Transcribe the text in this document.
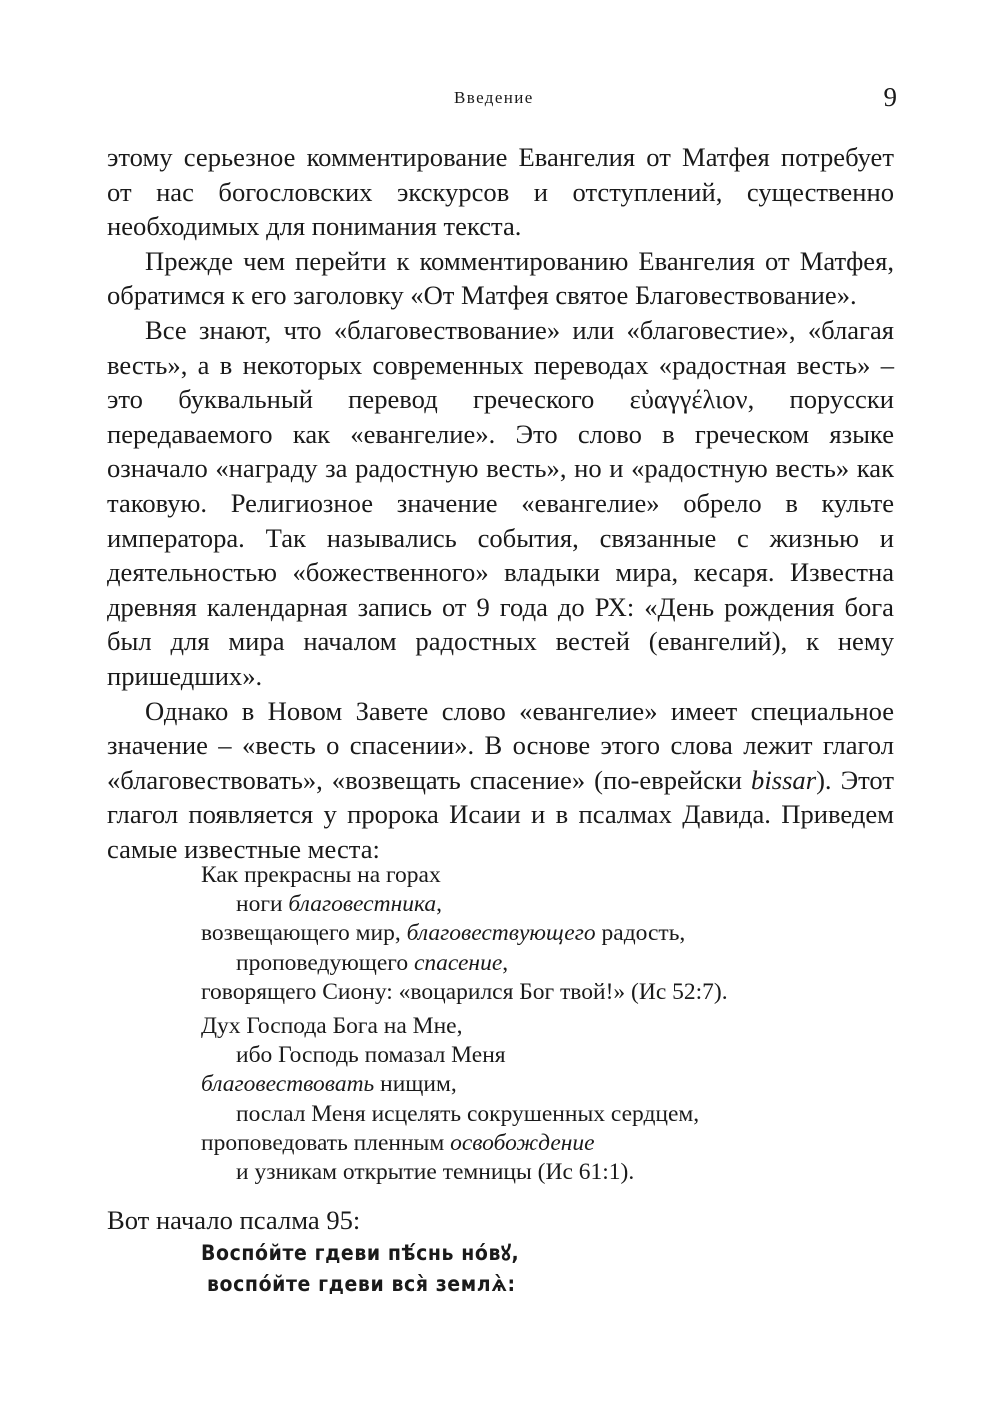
Введение	9

этому серьезное комментирование Евангелия от Матфея потребует от нас богословских экскурсов и отступлений, существенно необходимых для понимания текста.

Прежде чем перейти к комментированию Евангелия от Матфея, обратимся к его заголовку «От Матфея святое Благовествование».

Все знают, что «благовествование» или «благовестие», «благая весть», а в некоторых современных переводах «радостная весть» – это буквальный перевод греческого εὐαγγέλιον, порусски передаваемого как «евангелие». Это слово в греческом языке означало «награду за радостную весть», но и «радостную весть» как таковую. Религиозное значение «евангелие» обрело в культе императора. Так назывались события, связанные с жизнью и деятельностью «божественного» владыки мира, кесаря. Известна древняя календарная запись от 9 года до РХ: «День рождения бога был для мира началом радостных вестей (евангелий), к нему пришедших».

Однако в Новом Завете слово «евангелие» имеет специальное значение – «весть о спасении». В основе этого слова лежит глагол «благовествовать», «возвещать спасение» (по-еврейски bissar). Этот глагол появляется у пророка Исаии и в псалмах Давида. Приведем самые известные места:

Как прекрасны на горах
ноги благовестника,
возвещающего мир, благовествующего радость,
проповедующего спасение,
говорящего Сиону: «воцарился Бог твой!» (Ис 52:7).
Дух Господа Бога на Мне,
ибо Господь помазал Меня
благовествовать нищим,
послал Меня исцелять сокрушенных сердцем,
проповедовать пленным освобождение
и узникам открытие темницы (Ис 61:1).
Вот начало псалма 95:
Воспо́йте гдеви пѣ́снь но́вꙋ,
воспо́йте гдеви вся̀ землѧ̀:
